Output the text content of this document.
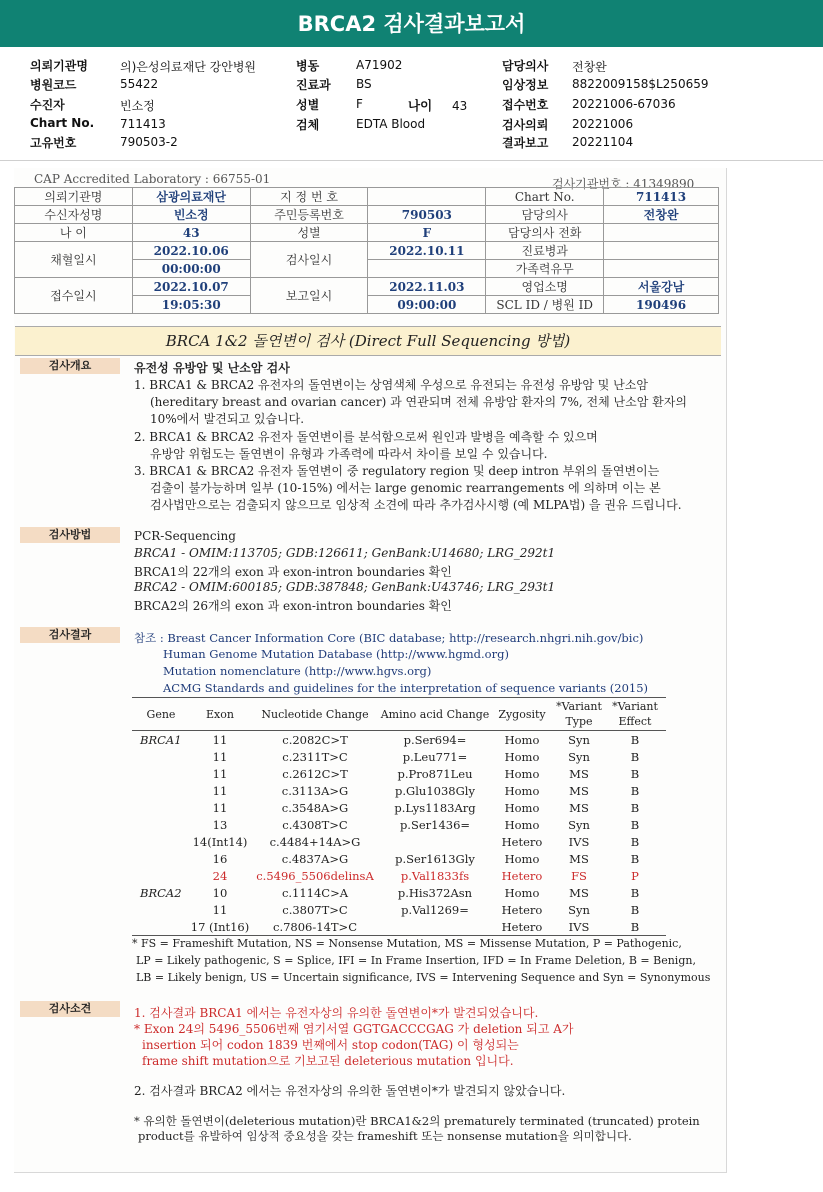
BRCA2 검사결과보고서
의뢰기관명	의)은성의료재단 강안병원	병동	A71902	담당의사 전창완
병원코드	55422	진료과 BS	임상정보 8822009158$L250659
수진자	빈소정	성별	F	접수번호 20221006-67036
Chart No. 711413	검체	EDTA Blood	검사의뢰 20221006
고유번호	790503-2	결과보고 20221104
나이 43
CAP Accredited Laboratory : 66755-01	검사기관번호 : 41349890
의뢰기관명	삼광의료재단	지 정 번 호		Chart No.	711413
수신자성명	빈소정	주민등록번호	790503	담당의사	전창완
나 이	43	성별	F	담당의사 전화	
채혈일시	2022.10.06	검사일시	2022.10.11	진료병과	
	00:00:00			가족력유무	
접수일시	2022.10.07	보고일시	2022.11.03	영업소명	서울강남
	19:05:30		09:00:00	SCL ID / 병원 ID	190496
BRCA 1&2 돌연변이 검사 (Direct Full Sequencing 방법)
검사개요	유전성 유방암 및 난소암 검사
1. BRCA1 & BRCA2 유전자의 돌연변이는 상염색체 우성으로 유전되는 유전성 유방암 및 난소암
(hereditary breast and ovarian cancer) 과 연관되며 전체 유방암 환자의 7%, 전체 난소암 환자의
10%에서 발견되고 있습니다.
2. BRCA1 & BRCA2 유전자 돌연변이를 분석함으로써 원인과 발병을 예측할 수 있으며
유방암 위험도는 돌연변이 유형과 가족력에 따라서 차이를 보일 수 있습니다.
3. BRCA1 & BRCA2 유전자 돌연변이 중 regulatory region 및 deep intron 부위의 돌연변이는
검출이 불가능하며 일부 (10-15%) 에서는 large genomic rearrangements 에 의하며 이는 본
검사법만으로는 검출되지 않으므로 임상적 소견에 따라 추가검사시행 (예 MLPA법) 을 권유 드립니다.
검사방법	PCR-Sequencing
BRCA1 - OMIM:113705; GDB:126611; GenBank:U14680; LRG_292t1
BRCA1의 22개의 exon 과 exon-intron boundaries 확인
BRCA2 - OMIM:600185; GDB:387848; GenBank:U43746; LRG_293t1
BRCA2의 26개의 exon 과 exon-intron boundaries 확인
검사결과	참조 : Breast Cancer Information Core (BIC database; http://research.nhgri.nih.gov/bic)
Human Genome Mutation Database (http://www.hgmd.org)
Mutation nomenclature (http://www.hgvs.org)
ACMG Standards and guidelines for the interpretation of sequence variants (2015)
Gene	Exon	Nucleotide Change	Amino acid Change	Zygosity	*Variant Type	*Variant Effect
BRCA1	11	c.2082C>T	p.Ser694=	Homo	Syn	B
	11	c.2311T>C	p.Leu771=	Homo	Syn	B
	11	c.2612C>T	p.Pro871Leu	Homo	MS	B
	11	c.3113A>G	p.Glu1038Gly	Homo	MS	B
	11	c.3548A>G	p.Lys1183Arg	Homo	MS	B
	13	c.4308T>C	p.Ser1436=	Homo	Syn	B
	14(Int14)	c.4484+14A>G		Hetero	IVS	B
	16	c.4837A>G	p.Ser1613Gly	Homo	MS	B
	24	c.5496_5506delinsA	p.Val1833fs	Hetero	FS	P
BRCA2	10	c.1114C>A	p.His372Asn	Homo	MS	B
	11	c.3807T>C	p.Val1269=	Hetero	Syn	B
	17 (Int16)	c.7806-14T>C		Hetero	IVS	B
* FS = Frameshift Mutation, NS = Nonsense Mutation, MS = Missense Mutation, P = Pathogenic,
LP = Likely pathogenic, S = Splice, IFI = In Frame Insertion, IFD = In Frame Deletion, B = Benign,
LB = Likely benign, US = Uncertain significance, IVS = Intervening Sequence and Syn = Synonymous
검사소견	1. 검사결과 BRCA1 에서는 유전자상의 유의한 돌연변이*가 발견되었습니다.
* Exon 24의 5496_5506번째 염기서열 GGTGACCCGAG 가 deletion 되고 A가
insertion 되어 codon 1839 번째에서 stop codon(TAG) 이 형성되는
frame shift mutation으로 기보고된 deleterious mutation 입니다.
2. 검사결과 BRCA2 에서는 유전자상의 유의한 돌연변이*가 발견되지 않았습니다.
* 유의한 돌연변이(deleterious mutation)란 BRCA1&2의 prematurely terminated (truncated) protein
product를 유발하여 임상적 중요성을 갖는 frameshift 또는 nonsense mutation을 의미합니다.
